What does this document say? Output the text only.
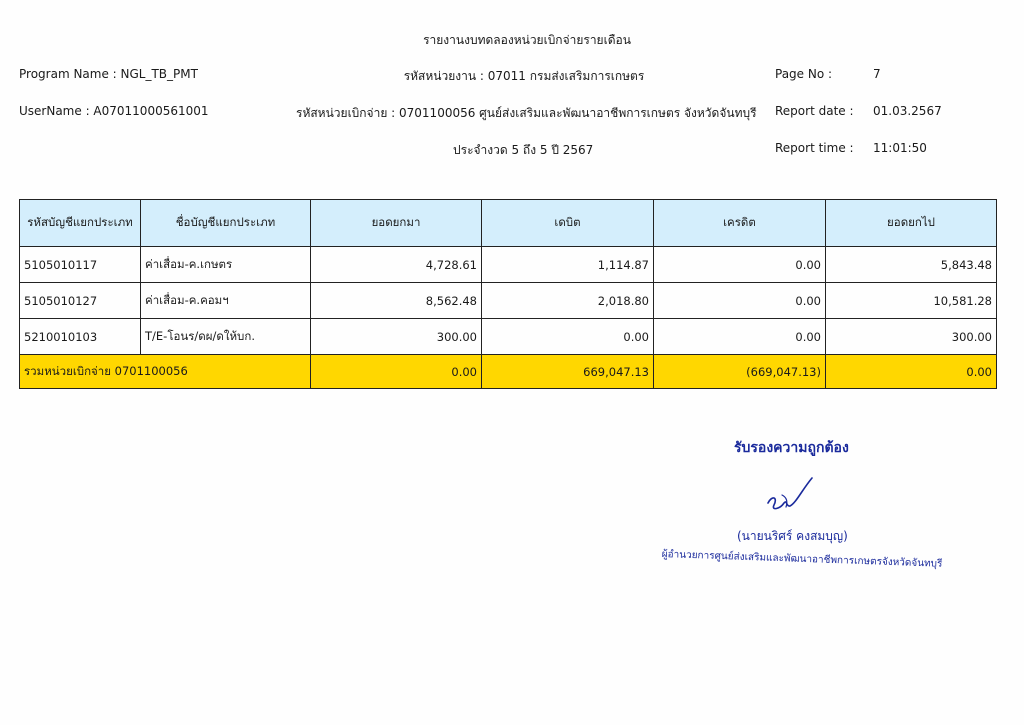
รายงานงบทดลองหน่วยเบิกจ่ายรายเดือน
Program Name : NGL_TB_PMT	รหัสหน่วยงาน : 07011 กรมส่งเสริมการเกษตร	Page No :	7
UserName : A07011000561001	รหัสหน่วยเบิกจ่าย : 0701100056 ศูนย์ส่งเสริมและพัฒนาอาชีพการเกษตร จังหวัดจันทบุรี Report date : 01.03.2567
ประจำงวด 5 ถึง 5 ปี 2567	Report time : 11:01:50
รหัสบัญชีแยกประเภท	ชื่อบัญชีแยกประเภท	ยอดยกมา	เดบิต	เครดิต	ยอดยกไป
5105010117	ค่าเสื่อม-ค.เกษตร	4,728.61	1,114.87	0.00	5,843.48
5105010127	ค่าเสื่อม-ค.คอมฯ	8,562.48	2,018.80	0.00	10,581.28
5210010103	T/E-โอนร/ดผ/ดให้บก.	300.00	0.00	0.00	300.00
รวมหน่วยเบิกจ่าย 0701100056		0.00	669,047.13	(669,047.13)	0.00
รับรองความถูกต้อง
(นายนริศร์ คงสมบุญ)
ผู้อำนวยการศูนย์ส่งเสริมและพัฒนาอาชีพการเกษตรจังหวัดจันทบุรี
